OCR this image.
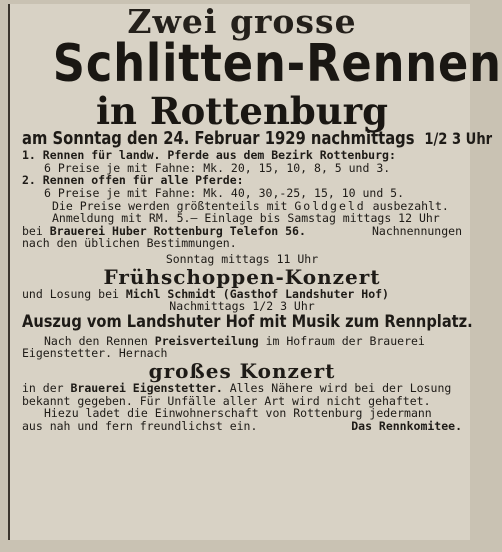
Zwei grosse
Schlitten-Rennen
in Rottenburg
am Sonntag den 24. Februar 1929 nachmittags 1/2 3 Uhr
1. Rennen für landw. Pferde aus dem Bezirk Rottenburg:
6 Preise je mit Fahne: Mk. 20, 15, 10, 8, 5 und 3.
2. Rennen offen für alle Pferde:
6 Preise je mit Fahne: Mk. 40, 30,-25, 15, 10 und 5.
Die Preise werden größtenteils mit Goldgeld ausbezahlt.
Anmeldung mit RM. 5.— Einlage bis Samstag mittags 12 Uhr
bei Brauerei Huber Rottenburg Telefon 56.	Nachnennungen
nach den üblichen Bestimmungen.
Sonntag mittags 11 Uhr
Frühschoppen-Konzert
und Losung bei Michl Schmidt (Gasthof Landshuter Hof)
Nachmittags 1/2 3 Uhr
Auszug vom Landshuter Hof mit Musik zum Rennplatz.
Nach den Rennen Preisverteilung im Hofraum der Brauerei
Eigenstetter. Hernach
großes Konzert
in der Brauerei Eigenstetter. Alles Nähere wird bei der Losung
bekannt gegeben. Für Unfälle aller Art wird nicht gehaftet.
Hiezu ladet die Einwohnerschaft von Rottenburg jedermann
aus nah und fern freundlichst ein.	Das Rennkomitee.
